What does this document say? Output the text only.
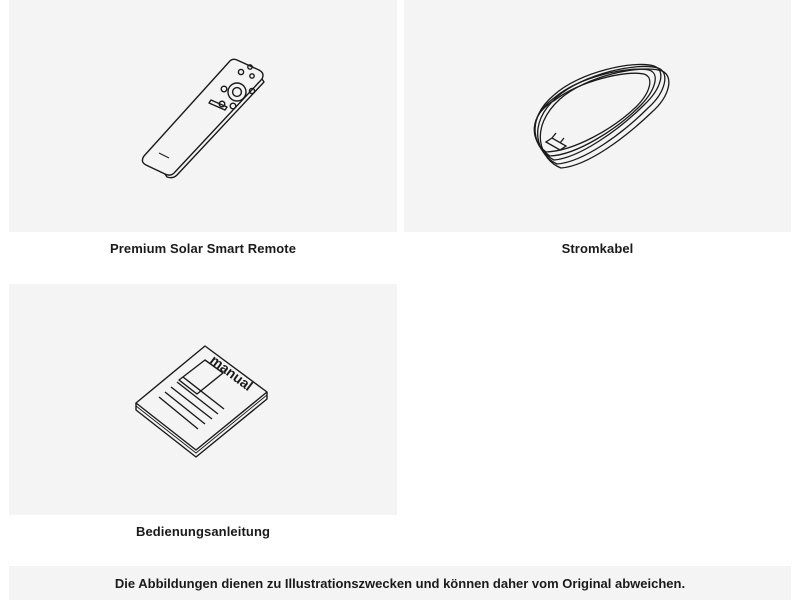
manual
Premium Solar Smart Remote	Stromkabel
Bedienungsanleitung
Die Abbildungen dienen zu Illustrationszwecken und können daher vom Original abweichen.
